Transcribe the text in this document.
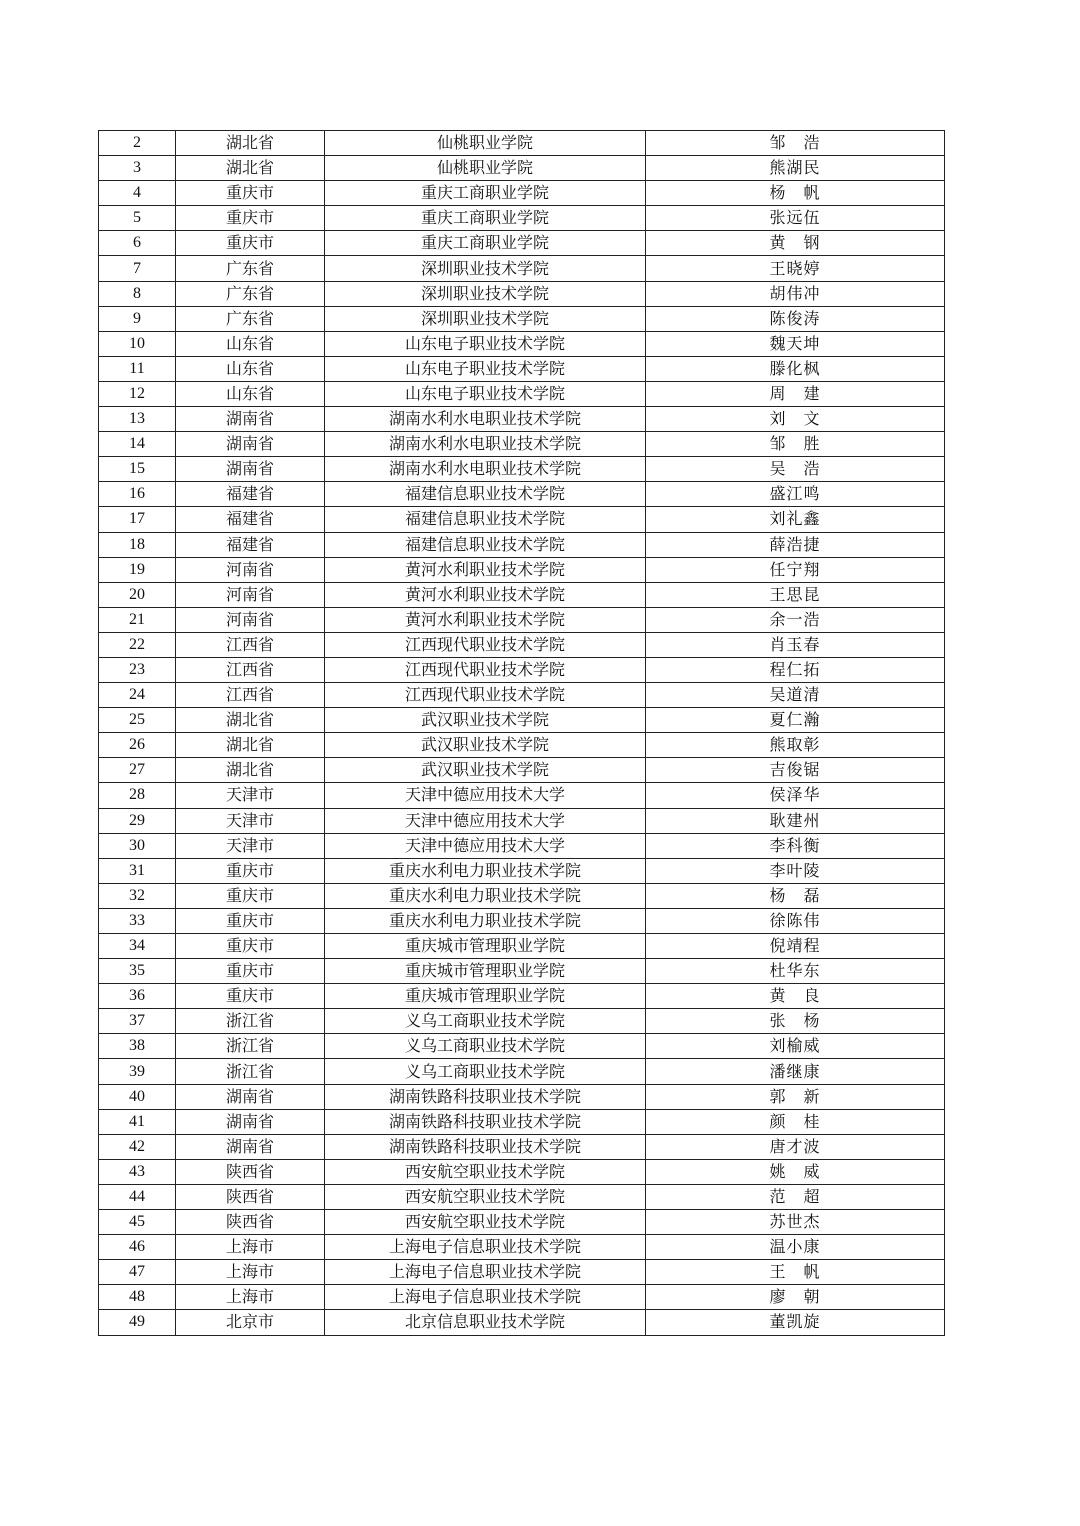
2	湖北省	仙桃职业学院	邹　浩
3	湖北省	仙桃职业学院	熊湖民
4	重庆市	重庆工商职业学院	杨　帆
5	重庆市	重庆工商职业学院	张远伍
6	重庆市	重庆工商职业学院	黄　钢
7	广东省	深圳职业技术学院	王晓婷
8	广东省	深圳职业技术学院	胡伟冲
9	广东省	深圳职业技术学院	陈俊涛
10	山东省	山东电子职业技术学院	魏天坤
11	山东省	山东电子职业技术学院	滕化枫
12	山东省	山东电子职业技术学院	周　建
13	湖南省	湖南水利水电职业技术学院	刘　文
14	湖南省	湖南水利水电职业技术学院	邹　胜
15	湖南省	湖南水利水电职业技术学院	吴　浩
16	福建省	福建信息职业技术学院	盛江鸣
17	福建省	福建信息职业技术学院	刘礼鑫
18	福建省	福建信息职业技术学院	薛浩捷
19	河南省	黄河水利职业技术学院	任宁翔
20	河南省	黄河水利职业技术学院	王思昆
21	河南省	黄河水利职业技术学院	余一浩
22	江西省	江西现代职业技术学院	肖玉春
23	江西省	江西现代职业技术学院	程仁拓
24	江西省	江西现代职业技术学院	吴道清
25	湖北省	武汉职业技术学院	夏仁瀚
26	湖北省	武汉职业技术学院	熊取彰
27	湖北省	武汉职业技术学院	吉俊锯
28	天津市	天津中德应用技术大学	侯泽华
29	天津市	天津中德应用技术大学	耿建州
30	天津市	天津中德应用技术大学	李科衡
31	重庆市	重庆水利电力职业技术学院	李叶陵
32	重庆市	重庆水利电力职业技术学院	杨　磊
33	重庆市	重庆水利电力职业技术学院	徐陈伟
34	重庆市	重庆城市管理职业学院	倪靖程
35	重庆市	重庆城市管理职业学院	杜华东
36	重庆市	重庆城市管理职业学院	黄　良
37	浙江省	义乌工商职业技术学院	张　杨
38	浙江省	义乌工商职业技术学院	刘榆威
39	浙江省	义乌工商职业技术学院	潘继康
40	湖南省	湖南铁路科技职业技术学院	郭　新
41	湖南省	湖南铁路科技职业技术学院	颜　桂
42	湖南省	湖南铁路科技职业技术学院	唐才波
43	陕西省	西安航空职业技术学院	姚　威
44	陕西省	西安航空职业技术学院	范　超
45	陕西省	西安航空职业技术学院	苏世杰
46	上海市	上海电子信息职业技术学院	温小康
47	上海市	上海电子信息职业技术学院	王　帆
48	上海市	上海电子信息职业技术学院	廖　朝
49	北京市	北京信息职业技术学院	董凯旋
